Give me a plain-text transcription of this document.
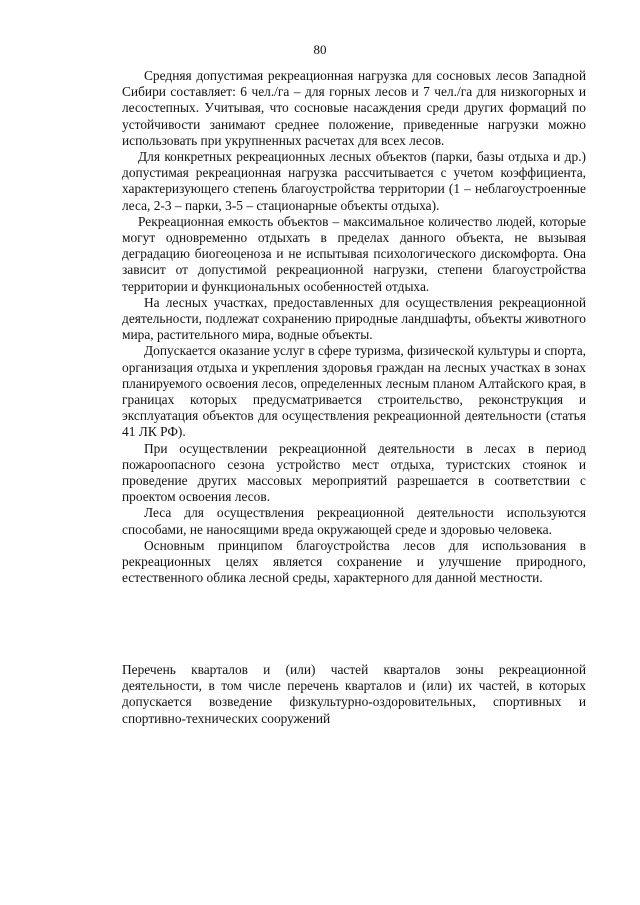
80

Средняя допустимая рекреационная нагрузка для сосновых лесов Западной Сибири составляет: 6 чел./га – для горных лесов и 7 чел./га для низкогорных и лесостепных. Учитывая, что сосновые насаждения среди других формаций по устойчивости занимают среднее положение, приведенные нагрузки можно использовать при укрупненных расчетах для всех лесов.

Для конкретных рекреационных лесных объектов (парки, базы отдыха и др.) допустимая рекреационная нагрузка рассчитывается с учетом коэффициента, характеризующего степень благоустройства территории (1 – неблагоустроенные леса, 2-3 – парки, 3-5 – стационарные объекты отдыха).

Рекреационная емкость объектов – максимальное количество людей, которые могут одновременно отдыхать в пределах данного объекта, не вызывая деградацию биогеоценоза и не испытывая психологического дискомфорта. Она зависит от допустимой рекреационной нагрузки, степени благоустройства территории и функциональных особенностей отдыха.

На лесных участках, предоставленных для осуществления рекреационной деятельности, подлежат сохранению природные ландшафты, объекты животного мира, растительного мира, водные объекты.

Допускается оказание услуг в сфере туризма, физической культуры и спорта, организация отдыха и укрепления здоровья граждан на лесных участках в зонах планируемого освоения лесов, определенных лесным планом Алтайского края, в границах которых предусматривается строительство, реконструкция и эксплуатация объектов для осуществления рекреационной деятельности (статья 41 ЛК РФ).

При осуществлении рекреационной деятельности в лесах в период пожароопасного сезона устройство мест отдыха, туристских стоянок и проведение других массовых мероприятий разрешается в соответствии с проектом освоения лесов.

Леса для осуществления рекреационной деятельности используются способами, не наносящими вреда окружающей среде и здоровью человека.

Основным принципом благоустройства лесов для использования в рекреационных целях является сохранение и улучшение природного, естественного облика лесной среды, характерного для данной местности.

Перечень кварталов и (или) частей кварталов зоны рекреационной деятельности, в том числе перечень кварталов и (или) их частей, в которых допускается возведение физкультурно-оздоровительных, спортивных и спортивно-технических сооружений
